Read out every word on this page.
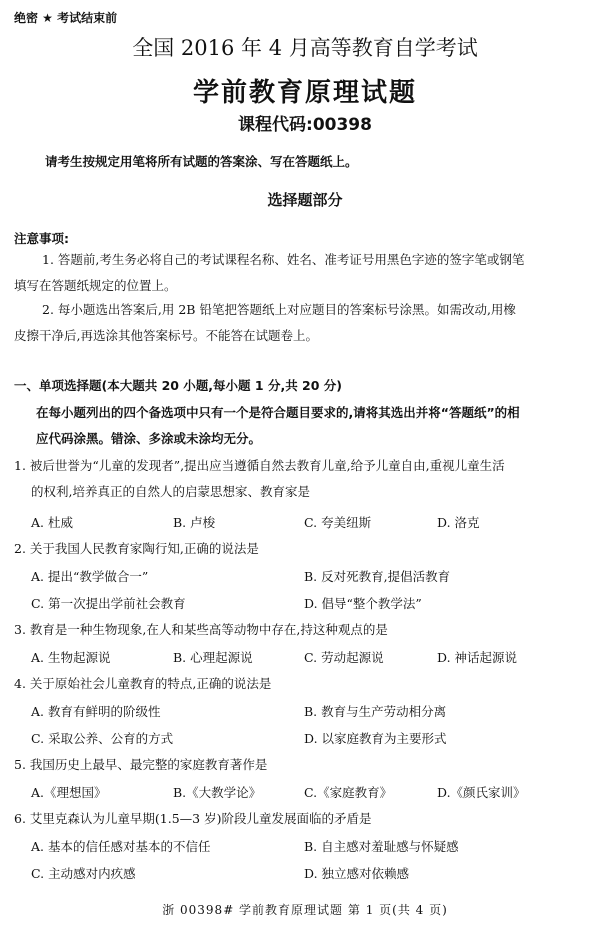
绝密 ★ 考试结束前
全国 2016 年 4 月高等教育自学考试
学前教育原理试题
课程代码:00398
请考生按规定用笔将所有试题的答案涂、写在答题纸上。
选择题部分
注意事项:
1. 答题前,考生务必将自己的考试课程名称、姓名、准考证号用黑色字迹的签字笔或钢笔
填写在答题纸规定的位置上。
2. 每小题选出答案后,用 2B 铅笔把答题纸上对应题目的答案标号涂黑。如需改动,用橡
皮擦干净后,再选涂其他答案标号。不能答在试题卷上。
一、单项选择题(本大题共 20 小题,每小题 1 分,共 20 分)
在每小题列出的四个备选项中只有一个是符合题目要求的,请将其选出并将“答题纸”的相
应代码涂黑。错涂、多涂或未涂均无分。
1. 被后世誉为“儿童的发现者”,提出应当遵循自然去教育儿童,给予儿童自由,重视儿童生活
的权利,培养真正的自然人的启蒙思想家、教育家是
A. 杜威	B. 卢梭	C. 夸美纽斯	D. 洛克
2. 关于我国人民教育家陶行知,正确的说法是
A. 提出“教学做合一”	B. 反对死教育,提倡活教育
C. 第一次提出学前社会教育	D. 倡导“整个教学法”
3. 教育是一种生物现象,在人和某些高等动物中存在,持这种观点的是
A. 生物起源说	B. 心理起源说	C. 劳动起源说	D. 神话起源说
4. 关于原始社会儿童教育的特点,正确的说法是
A. 教育有鲜明的阶级性	B. 教育与生产劳动相分离
C. 采取公养、公育的方式	D. 以家庭教育为主要形式
5. 我国历史上最早、最完整的家庭教育著作是
A.《理想国》	B.《大教学论》	C.《家庭教育》	D.《颜氏家训》
6. 艾里克森认为儿童早期(1.5—3 岁)阶段儿童发展面临的矛盾是
A. 基本的信任感对基本的不信任	B. 自主感对羞耻感与怀疑感
C. 主动感对内疚感	D. 独立感对依赖感
浙 00398# 学前教育原理试题 第 1 页(共 4 页)
